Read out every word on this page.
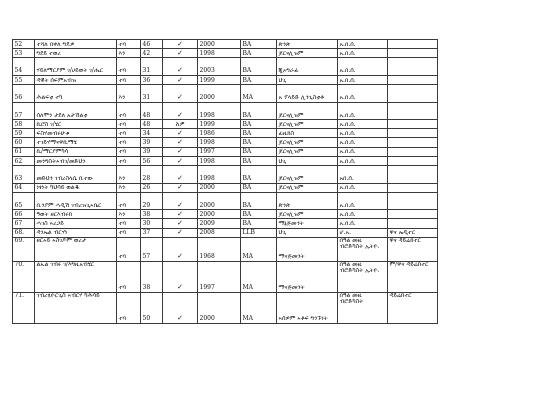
52	ተሻለ በቀለ ግዴዎ	ተባ	46	✓	2000	BA	ጽንጽ	አ.በ.ሰ.	
53	ግደይ ተወረ	እን	42	✓	1998	BA	ጆርናሊዝም	አ.በ.ሰ.	
54	ሃይለማርያም ገ/ሀይወት ገ/ሔር	ተባ	31	✓	2003	BA	ጂኦግራፊ	አ.በ.ሰ.	
55	ዳዊት ሰፍምአብዝ	ተባ	36	✓	1999	BA	ህጊ	አ.በ.ሰ.	
56	ሕልፍቲ ተካ	እን	31	✓	2000	MA	አ ፕላይድ ሊንጊስቲቶ	አ.በ.ሰ.	
57	ሰለሞን ታደለ አታኸልቲ	ተባ	48	✓	1998	BA	ጆርናሊዝም	አ.በ.ሰ.	
58	ኪሮስ ገ/ሄር	ተባ	48	አዎ	1999	BA	ጆርናሊዝም	አ.በ.ሰ.	
59	ፍስሃመብሩሁቱ	ተባ	34	✓	1986	BA	ፊዚክስ	አ.በ.ሰ.	
60	ተገይሃማናዋኪማሄ	ተባ	39	✓	1998	BA	ጆርናሊዝም	አ.በ.ሰ.	
61	ኪ/ማርያምካሳ	ተባ	39	✓	1997	BA	ጆርናሊዝም	አ.በ.ሰ.	
62	መንግስትኣብገ/መድህን	ተባ	56	✓	1998	BA	ህጊ	አ.በ.ሰ.	
63	መድህን ገብረስላሴ ቢተው	እን	28	✓	1998	BA	ጆርናሊዝም	አበ.ሰ.	
64	ነፃነት ካህሳይ ወልዱ	እን	26	✓	2000	BA	ጆርናሊዝም	አ.በ.ሰ.	
65	ቢንያም ሓዲሽ ገብረዝጊኣቤር	ተባ	29	✓	2000	BA	ጽንጽ	አ.በ.ሰ.	
66	ዓወት ዘርእብሩክ	እን	38	✓	2000	BA	ጆርናሊዝም	አ.በ.ሰ.	
67	ሓገስ ኣረጋይ	ተባ	30	✓	2009	BA	ማኔጅመንት	አ.በ.ሰ.	
68.	ዳንኤል ብርሃነ	ተባ	37	✓	2008	LLB	ህጊ	ሆ.አ.	ዋና ኤዲተር
69.	ዘርኣይ ኣስገዶም ወረታ	ተባ	57	✓	1968	MA	ማናጅመንት	በዓል መዚ ብሮድካስት ኢትዮ.	ዋና ዳይሬክተር
70.	ልኡል ገብሩ ገ/እግዚአብሄር	ተባ	38	✓	1997	MA	ማናጅመንት	በዓል መዚ ብሮድካስት ኢትዮ.	ም/ዋና ዳይሬክተር
71.	ገብረፂዮርጊስ ኣብርሃ ካሕሳይ	ተባ	50	✓	2000	MA	ኣሰዎም ኣቶፍ ግንኙነት	በዓል መዚ ብሮድካስት	ዳይሬክተር
